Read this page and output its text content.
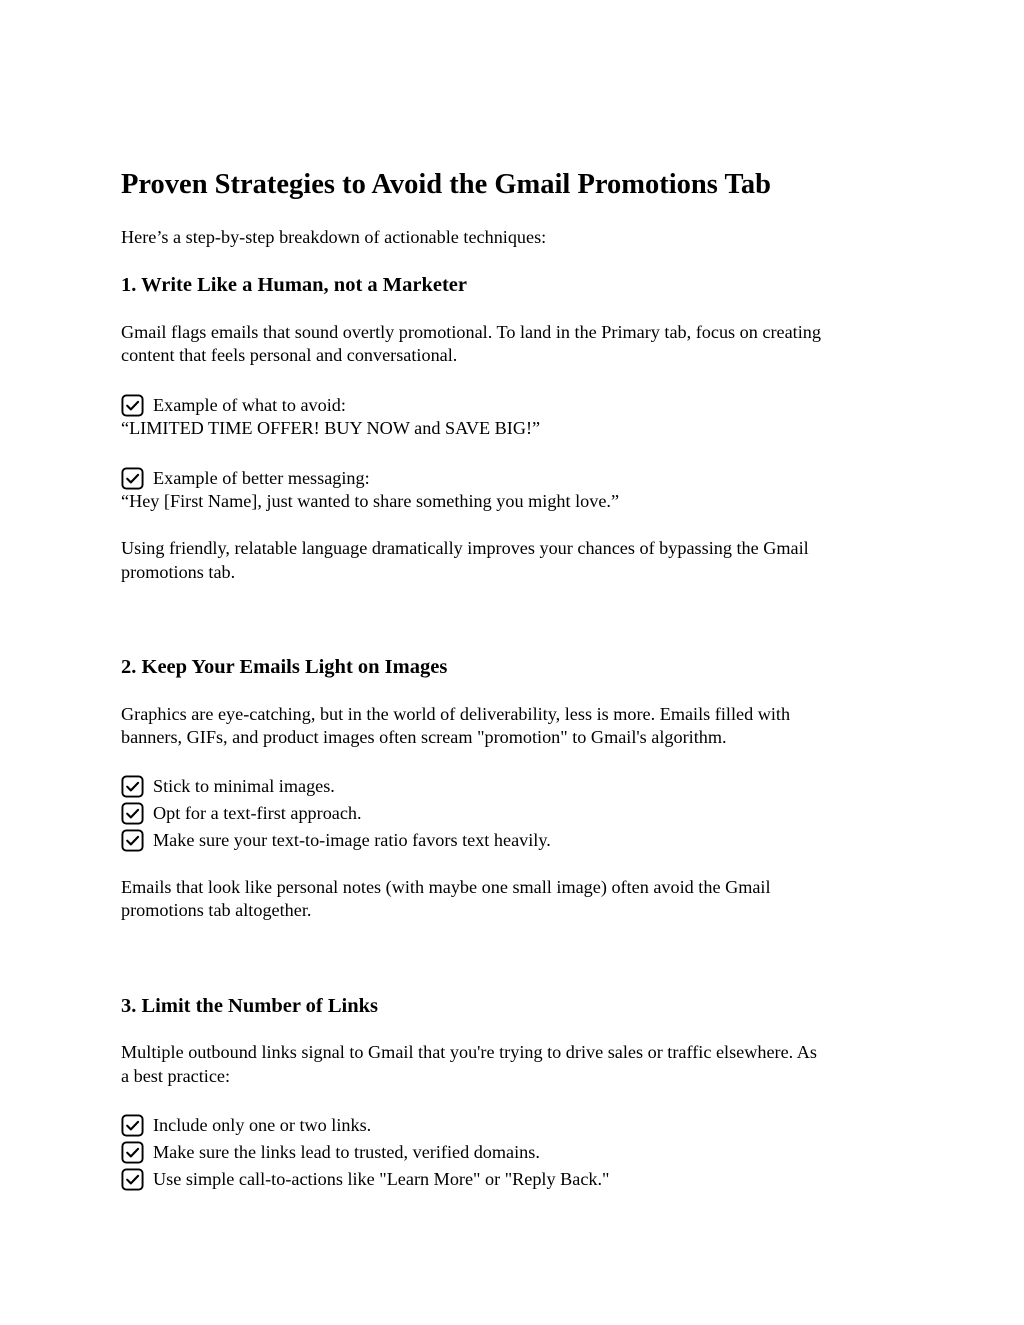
Proven Strategies to Avoid the Gmail Promotions Tab

Here’s a step-by-step breakdown of actionable techniques:

1. Write Like a Human, not a Marketer

Gmail flags emails that sound overtly promotional. To land in the Primary tab, focus on creating

content that feels personal and conversational.

Example of what to avoid:

“LIMITED TIME OFFER! BUY NOW and SAVE BIG!”

Example of better messaging:

“Hey [First Name], just wanted to share something you might love.”

Using friendly, relatable language dramatically improves your chances of bypassing the Gmail

promotions tab.

2. Keep Your Emails Light on Images

Graphics are eye-catching, but in the world of deliverability, less is more. Emails filled with

banners, GIFs, and product images often scream "promotion" to Gmail's algorithm.

Stick to minimal images.
Opt for a text-first approach.
Make sure your text-to-image ratio favors text heavily.

Emails that look like personal notes (with maybe one small image) often avoid the Gmail

promotions tab altogether.

3. Limit the Number of Links

Multiple outbound links signal to Gmail that you're trying to drive sales or traffic elsewhere. As

a best practice:

Include only one or two links.
Make sure the links lead to trusted, verified domains.
Use simple call-to-actions like "Learn More" or "Reply Back."
